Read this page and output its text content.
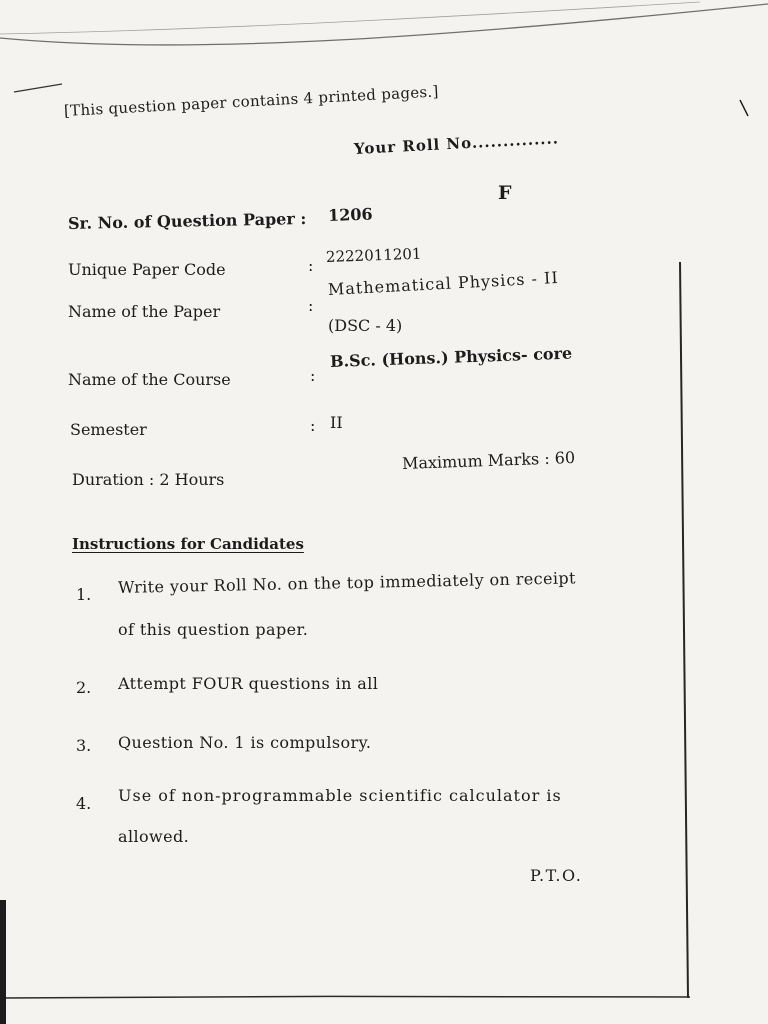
[This question paper contains 4 printed pages.]
Your Roll No..............
F
Sr. No. of Question Paper : 1206
Unique Paper Code	: 2222011201
Name of the Paper	:
Mathematical Physics - II
(DSC - 4)
Name of the Course	:
B.Sc. (Hons.) Physics- core
Semester	: II
Duration : 2 Hours
Maximum Marks : 60
Instructions for Candidates
1. Write your Roll No. on the top immediately on receipt
of this question paper.
2. Attempt FOUR questions in all
3. Question No. 1 is compulsory.
4. Use of non-programmable scientific calculator is
allowed.
P.T.O.
